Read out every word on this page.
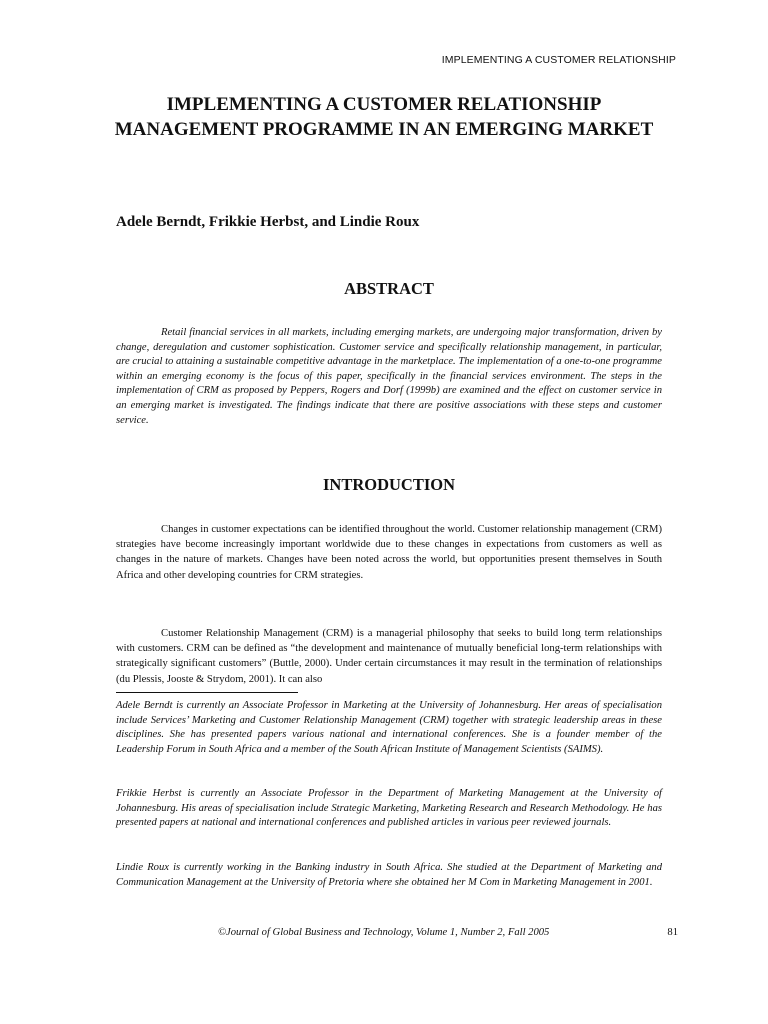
IMPLEMENTING A CUSTOMER RELATIONSHIP
IMPLEMENTING A CUSTOMER RELATIONSHIP MANAGEMENT PROGRAMME IN AN EMERGING MARKET

Adele Berndt, Frikkie Herbst, and Lindie Roux

ABSTRACT

Retail financial services in all markets, including emerging markets, are undergoing major transformation, driven by change, deregulation and customer sophistication. Customer service and specifically relationship management, in particular, are crucial to attaining a sustainable competitive advantage in the marketplace. The implementation of a one-to-one programme within an emerging economy is the focus of this paper, specifically in the financial services environment. The steps in the implementation of CRM as proposed by Peppers, Rogers and Dorf (1999b) are examined and the effect on customer service in an emerging market is investigated. The findings indicate that there are positive associations with these steps and customer service.

INTRODUCTION

Changes in customer expectations can be identified throughout the world. Customer relationship management (CRM) strategies have become increasingly important worldwide due to these changes in expectations from customers as well as changes in the nature of markets. Changes have been noted across the world, but opportunities present themselves in South Africa and other developing countries for CRM strategies.

Customer Relationship Management (CRM) is a managerial philosophy that seeks to build long term relationships with customers. CRM can be defined as “the development and maintenance of mutually beneficial long-term relationships with strategically significant customers” (Buttle, 2000). Under certain circumstances it may result in the termination of relationships (du Plessis, Jooste & Strydom, 2001). It can also

Adele Berndt is currently an Associate Professor in Marketing at the University of Johannesburg. Her areas of specialisation include Services’ Marketing and Customer Relationship Management (CRM) together with strategic leadership areas in these disciplines. She has presented papers various national and international conferences. She is a founder member of the Leadership Forum in South Africa and a member of the South African Institute of Management Scientists (SAIMS).

Frikkie Herbst is currently an Associate Professor in the Department of Marketing Management at the University of Johannesburg. His areas of specialisation include Strategic Marketing, Marketing Research and Research Methodology. He has presented papers at national and international conferences and published articles in various peer reviewed journals.

Lindie Roux is currently working in the Banking industry in South Africa. She studied at the Department of Marketing and Communication Management at the University of Pretoria where she obtained her M Com in Marketing Management in 2001.

©Journal of Global Business and Technology, Volume 1, Number 2, Fall 2005	81
